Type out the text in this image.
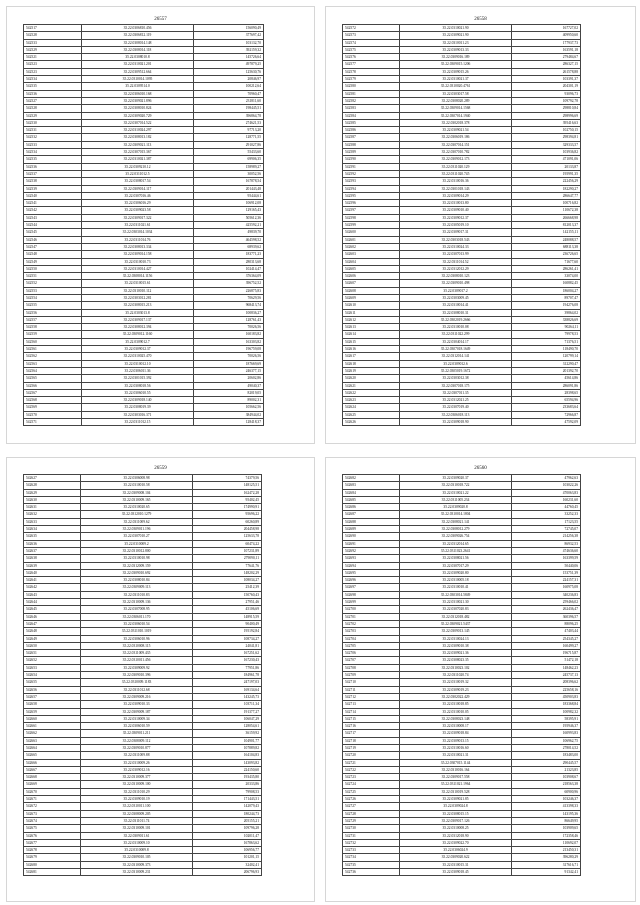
26557
542517	35.22.0306810.456	156090,49
542528	35.22.0306812.119	377697,42
542533	35.22.0308014.148	103132,70
542529	35.22.0308014.118	392159,32
542521	35.22.0308010.8	145726,64
542523	35.22.0310021.201	497879,25
542523	35.22.0309512.664	125630,76
542534	35.22.0310014.1095	20846,97
542535	35.22.0309514.0	100212,64
542536	35.22.0306010.168	70960,47
542527	35.22.0309021.896	231811,60
542528	35.22.0308010.824	198445,51
542529	35.22.0309020.729	396864,78
542530	35.22.0307014.522	274621,53
542531	35.22.0310024.297	97713,20
542532	35.22.0308013.182	128771,55
542533	35.22.0309021.113	291027,86
542534	35.22.0307015.367	55433,60
542535	35.22.0310021.387	69906,35
542536	35.22.0309210.12	158989,27
542537	35.22.0311012.5	30052,56
542538	35.22.0308017.54	167878,54
542539	35.22.0309014.117	201443,48
542540	35.22.0307016.46	95444,61
542541	35.22.0306016.29	106912,08
542542	35.22.0309023.58	129165,43
542543	35.22.0309017.322	505612,36
542544	35.22.0311021.61	425592,21
542545	35.22.0303014.1034	49839,70
542546	35.22.0311014.76	464598,52
542547	35.22.0308013.334	68939,62
542548	35.22.0309014.158	183771,23
542549	35.22.0310010.73	280313,68
542550	35.22.0310014.427	102414,47
542551	35.22.0308014.1156	376364,09
542552	35.22.0310015.61	396752,52
542553	35.22.0310010.112	226875,83
542554	35.22.0303012.281	70629,56
542555	35.22.0308015.213	968413,74
542556	35.22.0303013.8	100836,27
542557	35.22.0309017.137	128761,43
542558	35.22.0308012.394	70026,56
542559	35.22.0309012.1160	160183,82
542560	35.22.0309012.7	163303,82
542561	35.22.0309012.37	196759,08
542562	35.22.0310025.470	70026,56
542563	35.22.0310012.10	187669,69
542564	35.22.0306011.36	246377,15
542565	35.22.0301015.392	20602,86
542566	35.22.0308018.56	49040,37
542567	35.22.0306010.55	82019,05
542568	35.22.0309018.140	89002,31
542569	35.22.0308019.39	105662,56
542570	35.22.0303016.371	384944,02
542571	35.22.0311012.15	128418,37
26558
542572	35.22.0310021.90	167727,02
542573	35.22.0309021.90	409950,60
542574	35.22.0310011.23	177937,73
542575	35.22.0309013.33	163591,18
542576	35.22.0309016.189	279484,67
542577	35.22.0309015.1206	286327,15
542578	35.22.0309015.26	261578,88
542579	35.22.0310021.37	103391,37
542580	35.22.0310020.4761	204301,19
542581	35.22.0303017.58	93096,73
542582	35.22.0308020.289	109792,78
542583	35.22.0309014.1568	298810,84
542584	35.22.0307014.1940	298996,69
542585	35.22.0302018.378	395416,63
542586	35.22.0309021.54	102750,15
542587	35.22.0306019.186	298394,81
542588	35.22.0307014.151	329333,57
542589	35.22.0307010.782	103936,82
542590	35.22.0309012.173	471091,06
542591	35.22.0311020.129	20133,87
542592	35.22.0311020.745	195991,35
542593	35.22.0310016.36	222456,29
542594	35.22.0301018.143	182290,27
542595	35.22.0309014.29	286647,77
542596	35.22.0310013.80	100716,82
542597	35.22.0309010.40	110672,38
542598	35.22.0309012.37	266668,98
542599	35.22.0305019.10	812013,37
542600	35.22.0309017.31	142155,11
542601	35.22.0303018.543	248088,57
542602	35.22.0310024.33	688113,38
542603	35.22.0307013.99	236726,65
542604	35.22.0311014.52	71677,60
542605	35.22.0312012.29	286261,41
542606	35.22.0308010.123	33074,00
542607	35.22.0309010.498	160882,45
542608	35.22.0309017.2	186004,27
542609	35.22.0303009.45	89707,47
542610	35.22.0310014.41	194276,08
542611	35.22.0308010.31	39864,02
542612	35.22.0302019.2666	338826,69
542613	35.22.0310010.08	90264,11
542614	35.22.0311022.299	79978,53
542615	35.22.0304014.17	71376,51
542616	35.22.0307018.1649	118490,70
542617	35.22.0312014.141	120799,14
542618	35.22.0309012.6	312290,47
542619	35.22.0305019.1672	201392,70
542620	35.22.0303012.38	45614,86
542621	35.22.0307018.175	286091,86
542622	35.22.0307011.35	28398,65
542623	35.22.0312021.25	65594,96
542624	35.22.0307019.40	233683,64
542625	35.22.0306018.113	72966,87
542626	35.22.0309018.90	47592,09
26559
542627	35.22.0306008.98	74379,56
542628	35.22.0310010.58	148125,51
542629	35.22.0309008.104	162472,28
542630	35.22.0310009.165	95402,45
542631	35.22.0310020.65	174990,91
542632	35.22.0312010.1279	95696,22
542633	35.22.0311009.62	60260,89
542634	35.22.0309011.196	204458,98
542635	35.22.0307010.27	125633,78
542636	35.22.0310009.2	60474,22
542637	35.22.0310012.800	107231,89
542638	35.22.0310010.98	279090,11
542639	35.22.0312009.159	77641,76
542640	35.22.0309010.692	148202,29
542641	35.22.0308010.84	108034,27
542642	35.22.0309009.113	25412,39
542643	35.22.0311010.83	150760,43
542644	35.22.0310009.136	27951,46
542645	35.22.0307008.95	45106,69
542646	35.22.0306011.170	148915,59
542647	35.22.0306010.54	90400,49
542648	35.22.0311010.1019	195192,84
542649	35.22.0306010.96	108734,27
542650	35.22.0310008.115	24041,81
542651	35.22.0311009.435	167251,62
542652	35.22.0310011.456	167230,43
542653	35.22.0309009.92	77951,86
542654	35.22.0309010.396	184961,78
542655	35.22.0310009.1183	247197,03
542656	35.22.0311012.68	169134,64
542657	35.22.0309009.216	143245,73
542658	35.22.0309010.33	103711,34
542659	35.22.0309009.187	191377,27
542660	35.22.0310009.34	106047,29
542661	35.22.0306010.59	128054,61
542662	35.22.0309011.211	36159,92
542663	35.22.0308009.112	104901,77
542664	35.22.0309010.877	107889,82
542665	35.22.0311009.88	164104,83
542666	35.22.0310009.26	143093,82
542667	35.22.0309012.16	224150,60
542668	35.22.0310009.377	193435,80
542669	35.22.0310009.100	20333,86
542670	35.22.0311010.29	79908,53
542671	35.22.0309010.19	171443,51
542672	35.22.0310011.100	142079,43
542673	35.22.0308009.205	180244,73
542674	35.22.0311011.74	205155,21
542675	35.22.0310009.101	109796,28
542676	35.22.0309011.61	102011,47
542677	35.22.0310009.10	167863,62
542678	35.22.0310009.8	106956,77
542679	35.22.0309010.105	101201,15
542680	35.22.0310009.373	32402,41
542681	35.22.0310009.231	206796,93
26560
542682	35.22.0309020.37	47962,63
542683	35.22.0310018.722	103022,26
542684	35.22.0310021.22	470063,83
542685	35.22.0311005.234	160231,60
542686	35.22.0309020.8	44760,45
542687	35.22.0310014.1804	33252,33
542688	35.22.0308021.141	17123,55
542689	35.22.0308012.279	72745,07
542690	35.22.0309026.754	214256,38
542691	35.22.0312014.65	86932,53
542692	35.22.0311023.2641	474636,60
542693	35.22.0308021.56	163399,59
542694	35.22.0307017.29	50440,06
542695	35.22.0309020.80	153751,39
542696	35.22.0310005.18	224157,31
542697	35.22.0310010.41	160975,08
542698	35.22.0303014.5849	340236,83
542699	35.22.0310021.30	259466,02
542700	35.22.0307020.83	262436,47
542701	35.22.0312018.482	360396,57
542702	35.22.0309021.5437	88096,25
542703	35.22.0309013.145	47403,44
542704	35.22.0310024.13	254345,27
542705	35.22.0309010.38	160499,27
542706	35.22.0309021.36	196715,87
542707	35.22.0308023.35	51472,18
542708	35.22.0310023.102	148462,23
542709	35.22.0311020.74	245737,13
542710	35.22.0310019.32	208396,62
542711	35.22.0309019.23	225658,16
542712	35.22.0302022.429	450903,83
542713	35.22.0310018.85	183368,84
542714	35.22.0310010.05	100982,32
542715	35.22.0308023.148	58395,91
542716	35.22.0310008.17	195946,37
542717	35.22.0309018.84	160993,83
542718	35.22.0309013.15	106962,75
542719	35.22.0310016.60	278014,52
542720	35.22.0310021.31	183483,00
542721	35.22.0307015.1144	290445,57
542722	35.22.0310016.164	21323,85
542723	35.22.0309017.558	103908,67
542724	35.22.0311021.1964	218563,38
542725	35.22.0310019.528	60900,96
542726	35.22.0309021.85	103246,37
542727	35.22.0309024.8	413398,33
542728	35.22.0308015.15	143195,36
542729	35.22.0309017.126	86649,95
542730	35.22.0310008.25	103909,65
542731	35.22.0312018.90	172358,46
542732	35.22.0309022.70	110692,07
542733	35.22.0306024.9	213450,31
542734	35.22.0309020.622	396280,29
542735	35.22.0310015.31	317616,71
542736	35.22.0309018.45	91342,41
